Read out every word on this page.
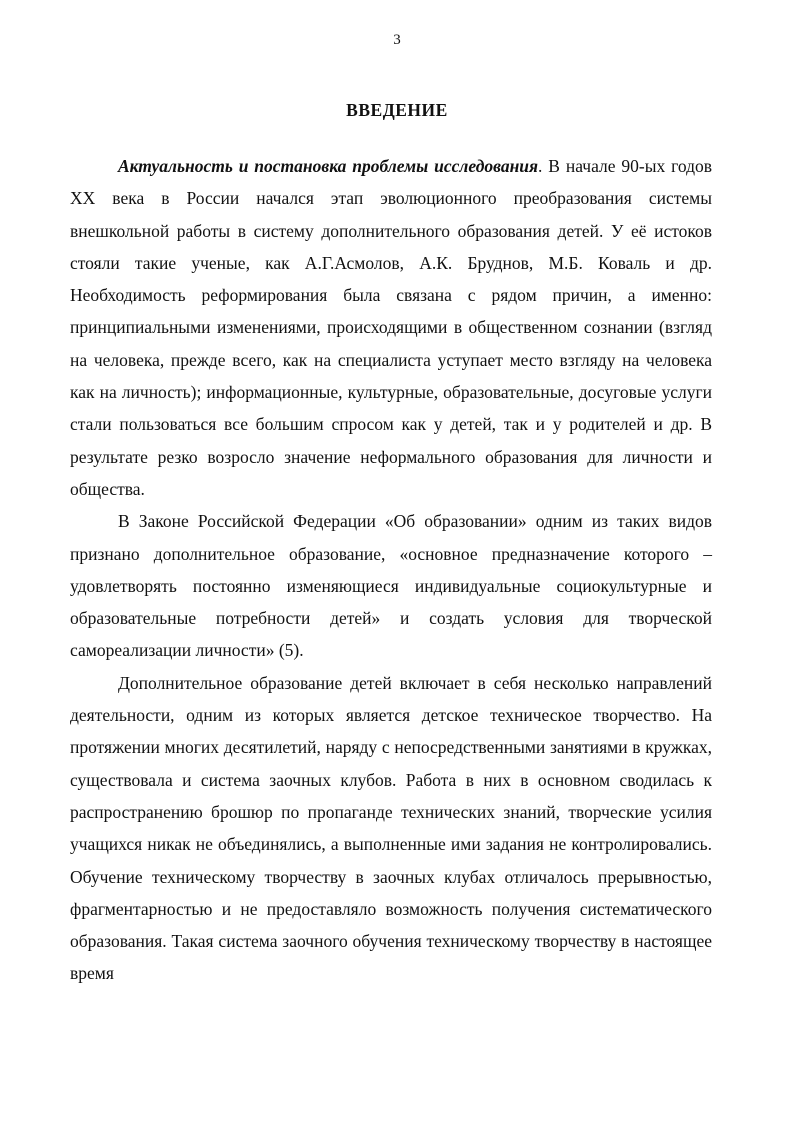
3
ВВЕДЕНИЕ

Актуальность и постановка проблемы исследования. В начале 90-ых годов XX века в России начался этап эволюционного преобразования системы внешкольной работы в систему дополнительного образования детей. У её истоков стояли такие ученые, как А.Г.Асмолов, А.К. Бруднов, М.Б. Коваль и др. Необходимость реформирования была связана с рядом причин, а именно: принципиальными изменениями, происходящими в общественном сознании (взгляд на человека, прежде всего, как на специалиста уступает место взгляду на человека как на личность); информационные, культурные, образовательные, досуговые услуги стали пользоваться все большим спросом как у детей, так и у родителей и др. В результате резко возросло значение неформального образования для личности и общества.

В Законе Российской Федерации «Об образовании» одним из таких видов признано дополнительное образование, «основное предназначение которого – удовлетворять постоянно изменяющиеся индивидуальные социокультурные и образовательные потребности детей» и создать условия для творческой самореализации личности» (5).

Дополнительное образование детей включает в себя несколько направлений деятельности, одним из которых является детское техническое творчество. На протяжении многих десятилетий, наряду с непосредственными занятиями в кружках, существовала и система заочных клубов. Работа в них в основном сводилась к распространению брошюр по пропаганде технических знаний, творческие усилия учащихся никак не объединялись, а выполненные ими задания не контролировались. Обучение техническому творчеству в заочных клубах отличалось прерывностью, фрагментарностью и не предоставляло возможность получения систематического образования. Такая система заочного обучения техническому творчеству в настоящее время
